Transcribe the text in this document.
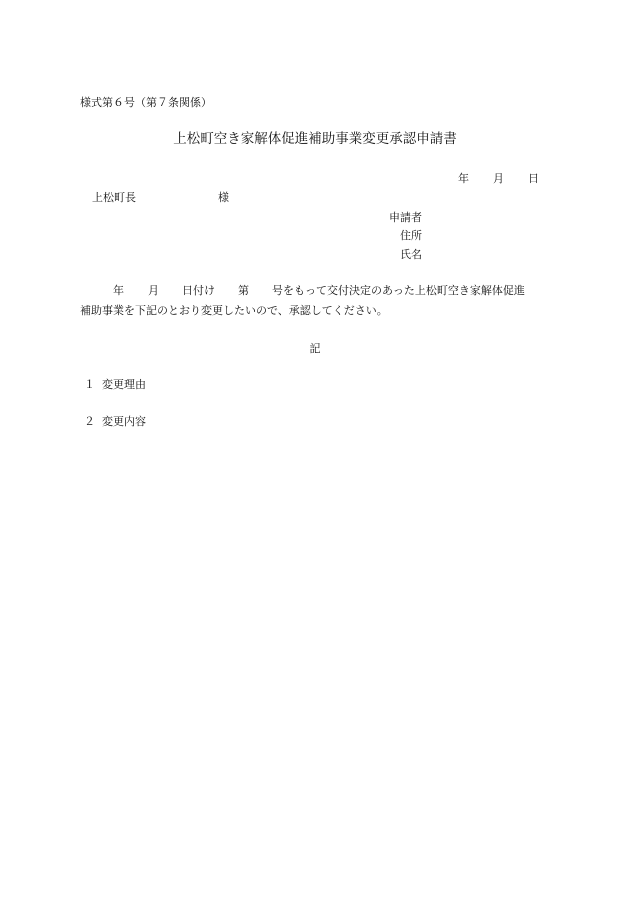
様式第６号（第７条関係）
上松町空き家解体促進補助事業変更承認申請書
年 月 日
上松町長	様
申請者
住所
氏名
年 月 日付け 第 号をもって交付決定のあった上松町空き家解体促進
補助事業を下記のとおり変更したいので、承認してください。
記
１ 変更理由
２ 変更内容
